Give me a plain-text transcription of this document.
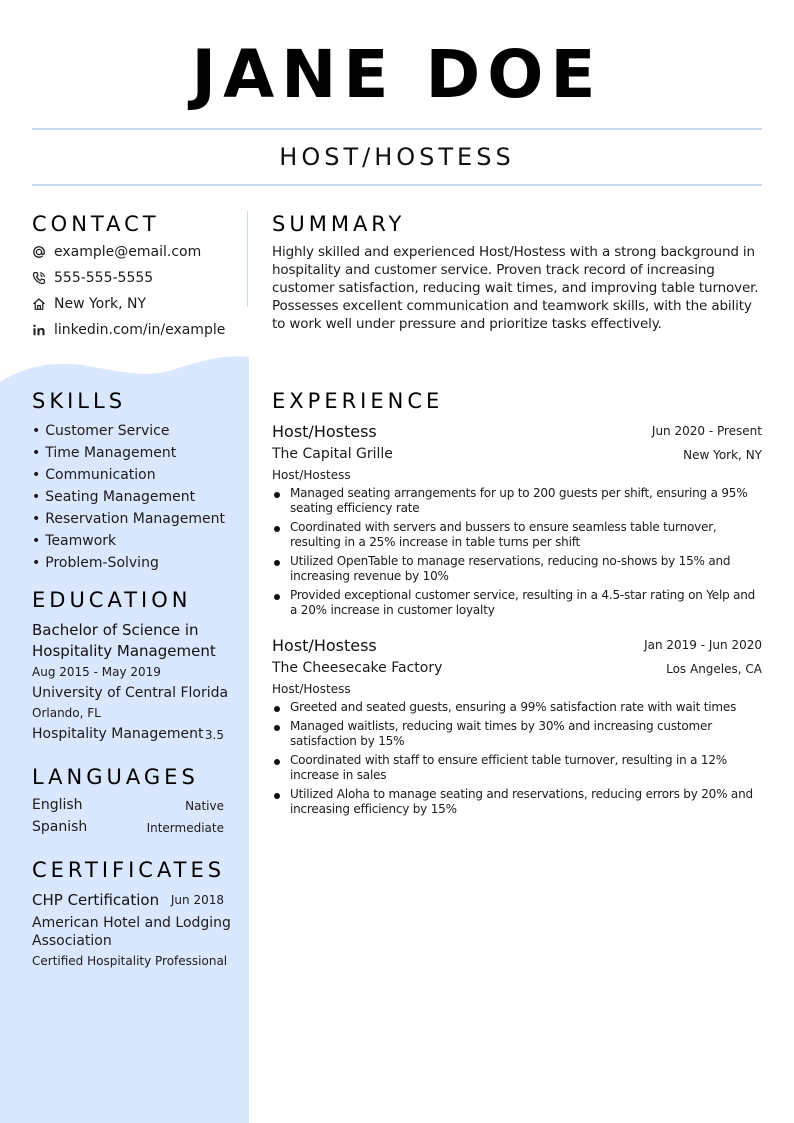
JANE DOE
HOST/HOSTESS
CONTACT
example@email.com
555-555-5555
New York, NY
linkedin.com/in/example
SKILLS
• Customer Service
• Time Management
• Communication
• Seating Management
• Reservation Management
• Teamwork
• Problem-Solving
EDUCATION
Bachelor of Science in Hospitality Management
Aug 2015 - May 2019
University of Central Florida
Orlando, FL
Hospitality Management 3.5
LANGUAGES
English	Native
Spanish	Intermediate
CERTIFICATES
CHP Certification Jun 2018
American Hotel and Lodging Association
Certified Hospitality Professional
SUMMARY

Highly skilled and experienced Host/Hostess with a strong background in hospitality and customer service. Proven track record of increasing customer satisfaction, reducing wait times, and improving table turnover. Possesses excellent communication and teamwork skills, with the ability to work well under pressure and prioritize tasks effectively.

EXPERIENCE
Host/Hostess	Jun 2020 - Present
The Capital Grille	New York, NY
Host/Hostess
Managed seating arrangements for up to 200 guests per shift, ensuring a 95% seating efficiency rate
Coordinated with servers and bussers to ensure seamless table turnover, resulting in a 25% increase in table turns per shift
Utilized OpenTable to manage reservations, reducing no-shows by 15% and increasing revenue by 10%
Provided exceptional customer service, resulting in a 4.5-star rating on Yelp and a 20% increase in customer loyalty
Host/Hostess	Jan 2019 - Jun 2020
The Cheesecake Factory	Los Angeles, CA
Host/Hostess
Greeted and seated guests, ensuring a 99% satisfaction rate with wait times
Managed waitlists, reducing wait times by 30% and increasing customer satisfaction by 15%
Coordinated with staff to ensure efficient table turnover, resulting in a 12% increase in sales
Utilized Aloha to manage seating and reservations, reducing errors by 20% and increasing efficiency by 15%
